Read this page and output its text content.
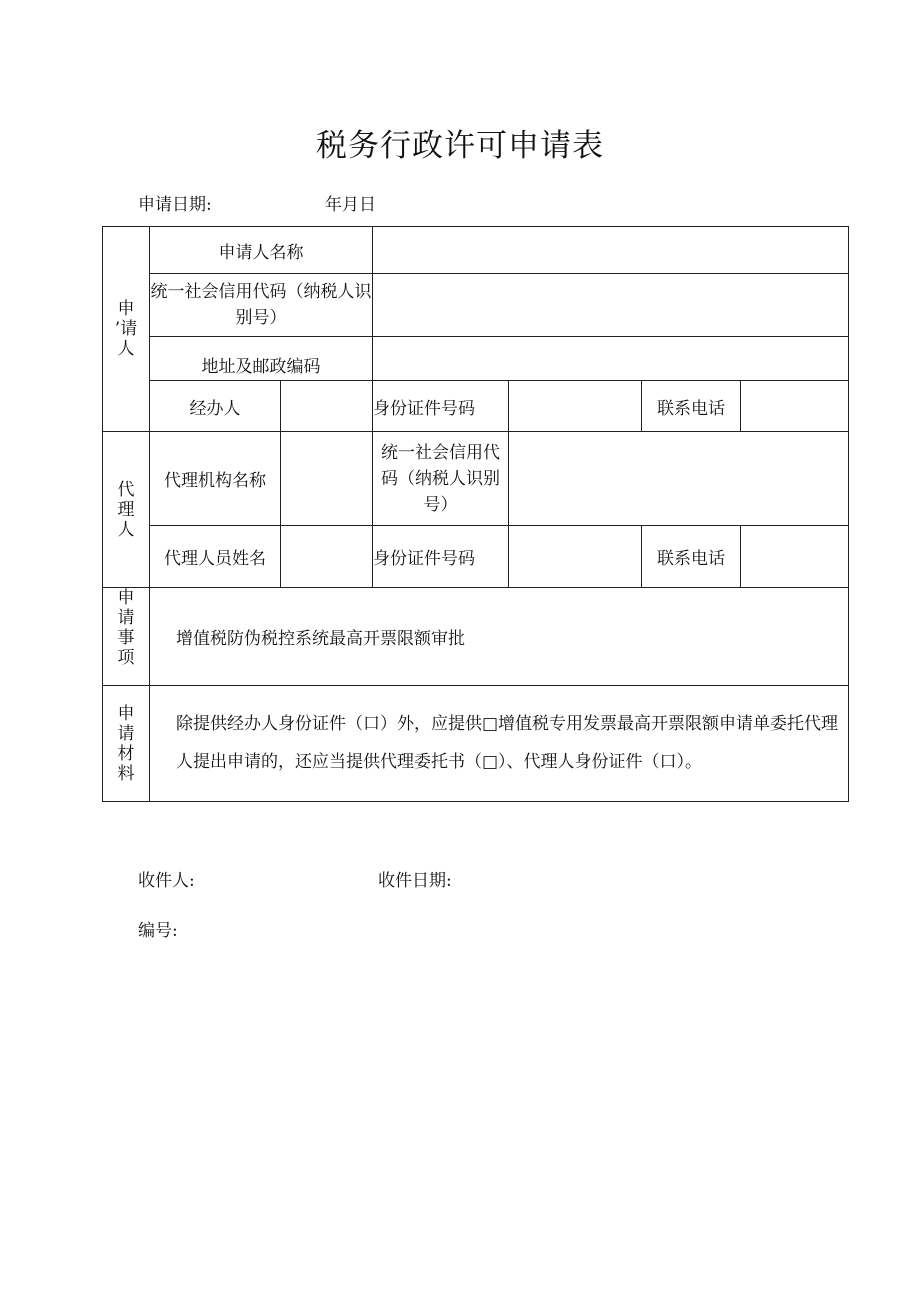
税务行政许可申请表
申请日期:	年月日
申
’请
人	申请人名称					
	统一社会信用代码（纳税人识别号）					
	地址及邮政编码					
	经办人		身份证件号码		联系电话	

代
理
人	代理机构名称		统一社会信用代码（纳税人识别号）			
	代理人员姓名		身份证件号码		联系电话	

申
请
事
项	增值税防伪税控系统最高开票限额审批					

申
请
材
料	除提供经办人身份证件（口）外，应提供□增值税专用发票最高开票限额申请单委托代理人提出申请的，还应当提供代理委托书（□）、代理人身份证件（口）。					
收件人:	收件日期:
编号:
